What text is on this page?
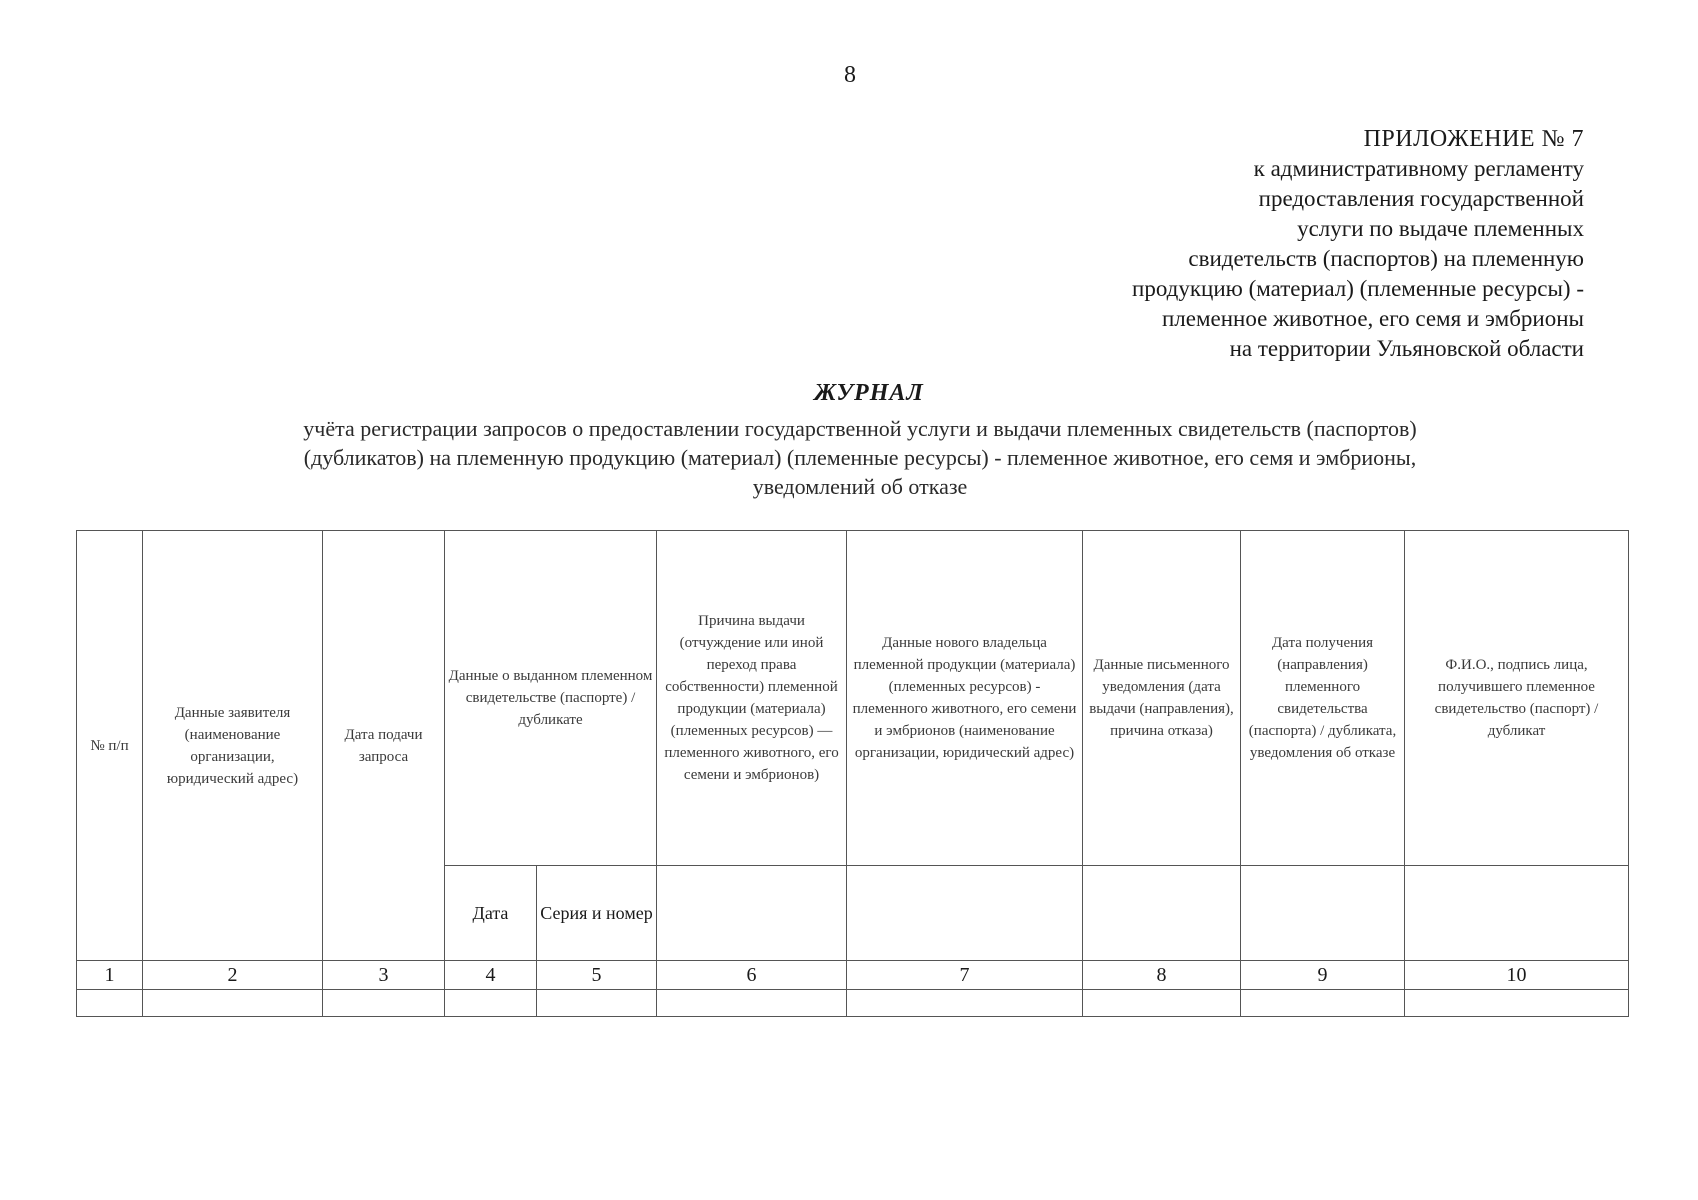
8
ПРИЛОЖЕНИЕ № 7
к административному регламенту
предоставления государственной
услуги по выдаче племенных
свидетельств (паспортов) на племенную
продукцию (материал) (племенные ресурсы) -
племенное животное, его семя и эмбрионы
на территории Ульяновской области
ЖУРНАЛ
учёта регистрации запросов о предоставлении государственной услуги и выдачи племенных свидетельств (паспортов)
(дубликатов) на племенную продукцию (материал) (племенные ресурсы) - племенное животное, его семя и эмбрионы,
уведомлений об отказе
№ п/п	Данные заявителя (наименование организации, юридический адрес)	Дата подачи запроса	Данные о выданном племенном свидетельстве (паспорте) / дубликате		Причина выдачи (отчуждение или иной переход права собственности) племенной продукции (материала) (племенных ресурсов) — племенного животного, его семени и эмбрионов)	Данные нового владельца племенной продукции (материала) (племенных ресурсов) - племенного животного, его семени и эмбрионов (наименование организации, юридический адрес)	Данные письменного уведомления (дата выдачи (направления), причина отказа)	Дата получения (направления) племенного свидетельства (паспорта) / дубликата, уведомления об отказе	Ф.И.О., подпись лица, получившего племенное свидетельство (паспорт) / дубликат
			Дата	Серия и номер					
1	2	3	4	5	6	7	8	9	10
